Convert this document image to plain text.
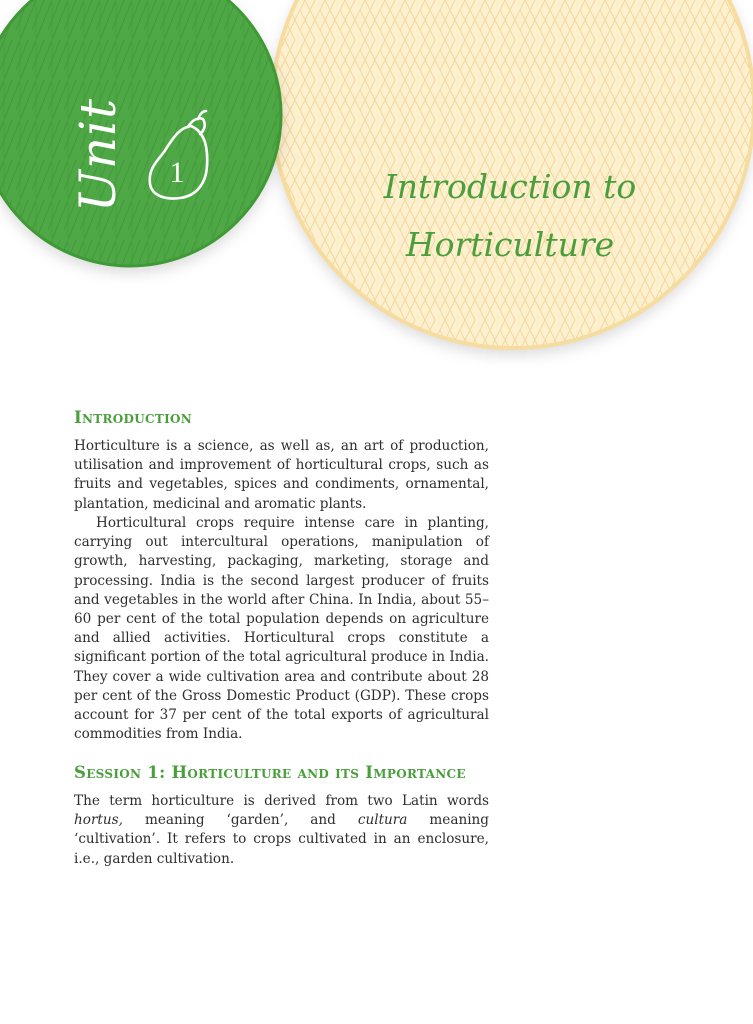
Unit 1	Introduction to
Horticulture
Introduction

Horticulture is a science, as well as, an art of production, utilisation and improvement of horticultural crops, such as fruits and vegetables, spices and condiments, ornamental, plantation, medicinal and aromatic plants.

Horticultural crops require intense care in planting, carrying out intercultural operations, manipulation of growth, harvesting, packaging, marketing, storage and processing. India is the second largest producer of fruits and vegetables in the world after China. In India, about 55–60 per cent of the total population depends on agriculture and allied activities. Horticultural crops constitute a significant portion of the total agricultural produce in India. They cover a wide cultivation area and contribute about 28 per cent of the Gross Domestic Product (GDP). These crops account for 37 per cent of the total exports of agricultural commodities from India.

Session 1: Horticulture and its Importance

The term horticulture is derived from two Latin words hortus, meaning ‘garden’, and cultura meaning ‘cultivation’. It refers to crops cultivated in an enclosure, i.e., garden cultivation.
